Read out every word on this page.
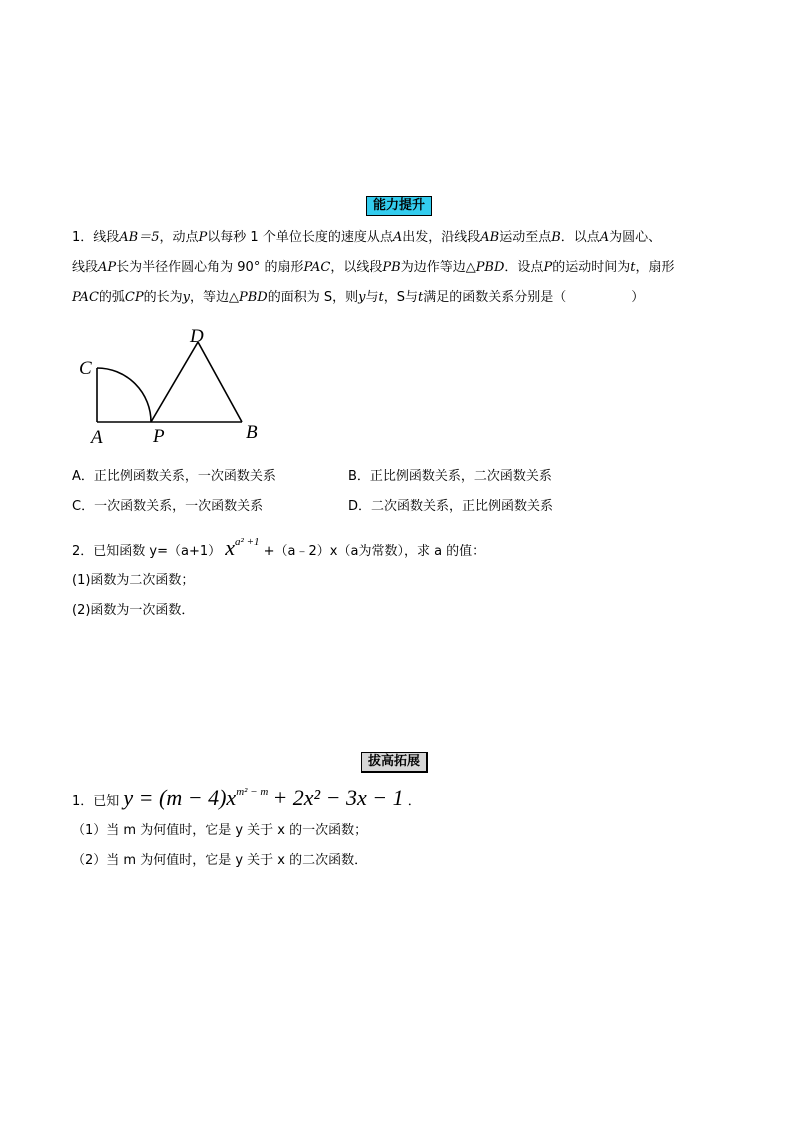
能力提升
1．线段AB＝5，动点P以每秒 1 个单位长度的速度从点A出发，沿线段AB运动至点B．以点A为圆心、
线段AP长为半径作圆心角为 90° 的扇形PAC，以线段PB为边作等边△PBD．设点P的运动时间为t，扇形
PAC的弧CP的长为y，等边△PBD的面积为 S，则y与t，S与t满足的函数关系分别是（　　　　　）
C
D
A	P	B
A．正比例函数关系，一次函数关系	B．正比例函数关系，二次函数关系
C．一次函数关系，一次函数关系	D．二次函数关系，正比例函数关系
2．已知函数 y=（a+1） $x^{a^2 +1}$ +（a﹣2）x（a为常数），求 a 的值：
(1)函数为二次函数；
(2)函数为一次函数．
拔高拓展
1．已知 $y = (m - 4)x^{m^2 - m} + 2x^2 - 3x - 1$ ．
（1）当 m 为何值时，它是 y 关于 x 的一次函数；
（2）当 m 为何值时，它是 y 关于 x 的二次函数．
